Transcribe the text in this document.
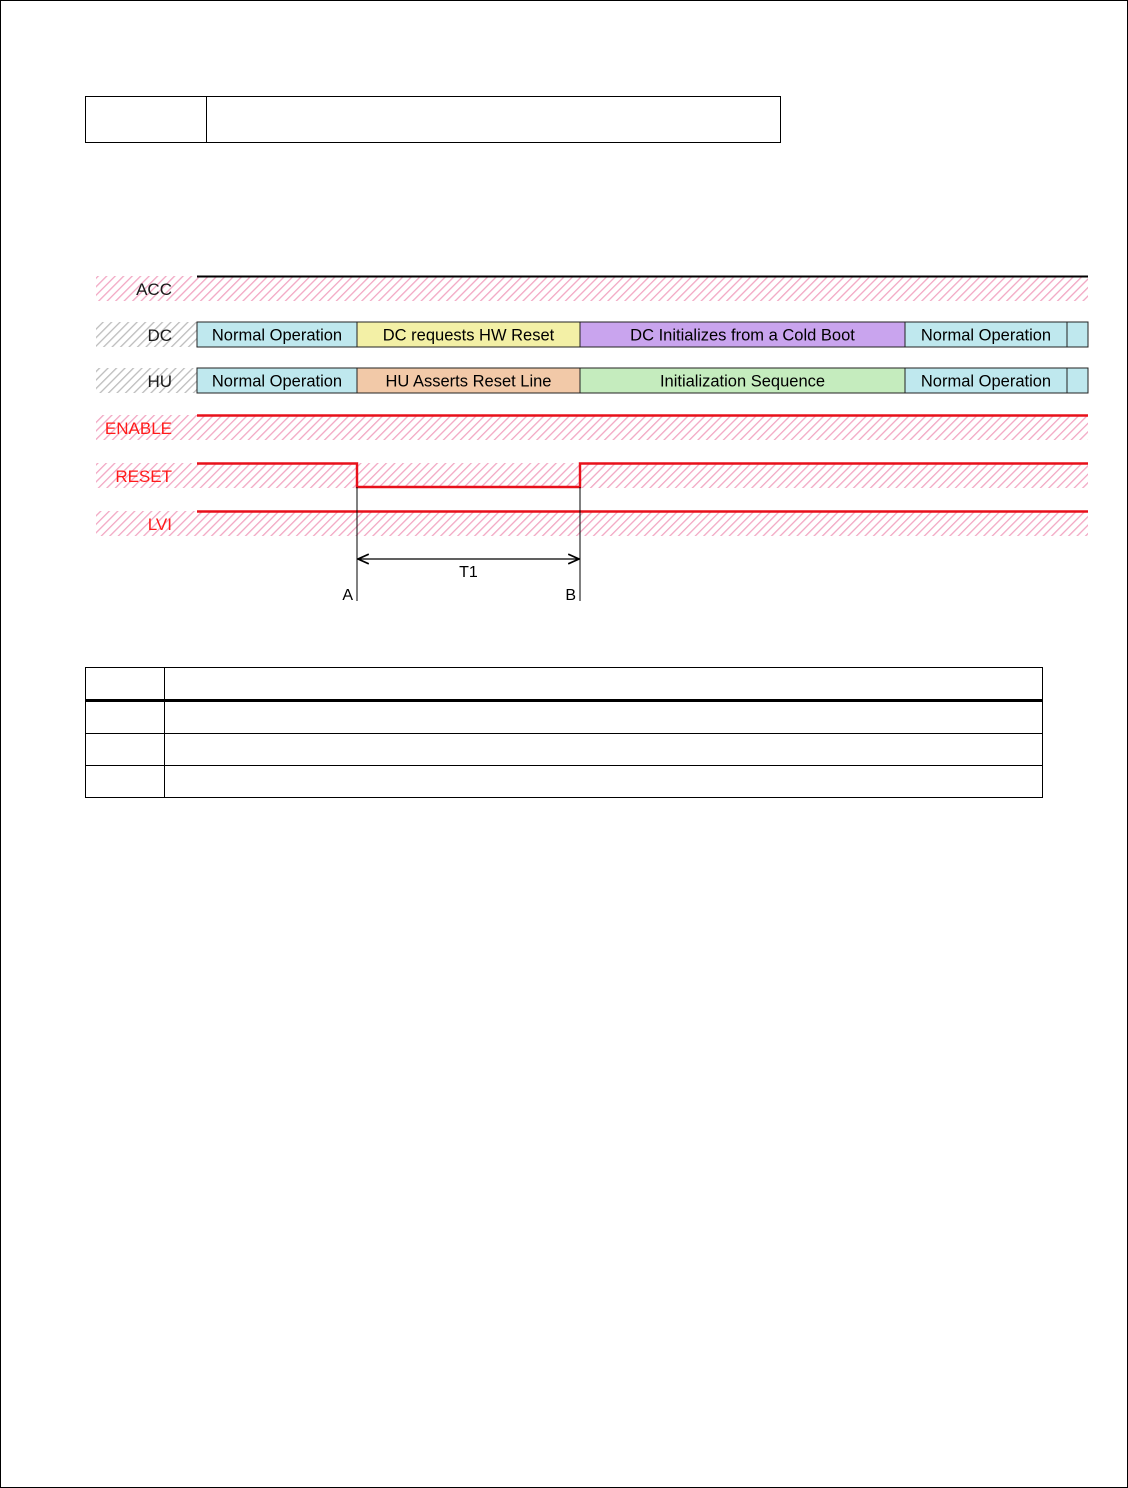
ACC
DC Normal Operation DC requests HW Reset	DC Initializes from a Cold Boot	Normal Operation
HU Normal Operation	HU Asserts Reset Line	Initialization Sequence	Normal Operation
ENABLE
RESET
LVI
A	B
T1
